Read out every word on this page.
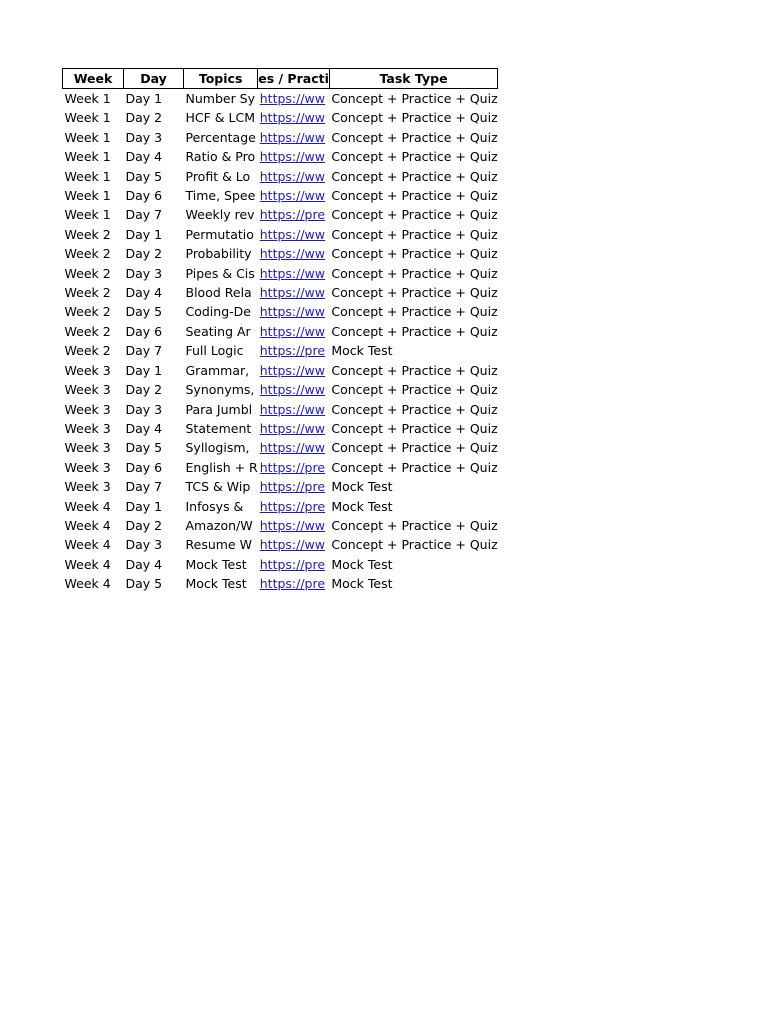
Week	Day	Topics	es / Practi	Task Type
Week 1	Day 1	Number Sy	https://ww	Concept + Practice + Quiz
Week 1	Day 2	HCF & LCM	https://ww	Concept + Practice + Quiz
Week 1	Day 3	Percentage	https://ww	Concept + Practice + Quiz
Week 1	Day 4	Ratio & Pro	https://ww	Concept + Practice + Quiz
Week 1	Day 5	Profit & Lo	https://ww	Concept + Practice + Quiz
Week 1	Day 6	Time, Spee	https://ww	Concept + Practice + Quiz
Week 1	Day 7	Weekly rev	https://pre	Concept + Practice + Quiz
Week 2	Day 1	Permutatio	https://ww	Concept + Practice + Quiz
Week 2	Day 2	Probability	https://ww	Concept + Practice + Quiz
Week 2	Day 3	Pipes & Cis	https://ww	Concept + Practice + Quiz
Week 2	Day 4	Blood Rela	https://ww	Concept + Practice + Quiz
Week 2	Day 5	Coding-De	https://ww	Concept + Practice + Quiz
Week 2	Day 6	Seating Ar	https://ww	Concept + Practice + Quiz
Week 2	Day 7	Full Logic	https://pre	Mock Test
Week 3	Day 1	Grammar,	https://ww	Concept + Practice + Quiz
Week 3	Day 2	Synonyms,	https://ww	Concept + Practice + Quiz
Week 3	Day 3	Para Jumbl	https://ww	Concept + Practice + Quiz
Week 3	Day 4	Statement	https://ww	Concept + Practice + Quiz
Week 3	Day 5	Syllogism,	https://ww	Concept + Practice + Quiz
Week 3	Day 6	English + R	https://pre	Concept + Practice + Quiz
Week 3	Day 7	TCS & Wip	https://pre	Mock Test
Week 4	Day 1	Infosys &	https://pre	Mock Test
Week 4	Day 2	Amazon/W	https://ww	Concept + Practice + Quiz
Week 4	Day 3	Resume W	https://ww	Concept + Practice + Quiz
Week 4	Day 4	Mock Test	https://pre	Mock Test
Week 4	Day 5	Mock Test	https://pre	Mock Test
